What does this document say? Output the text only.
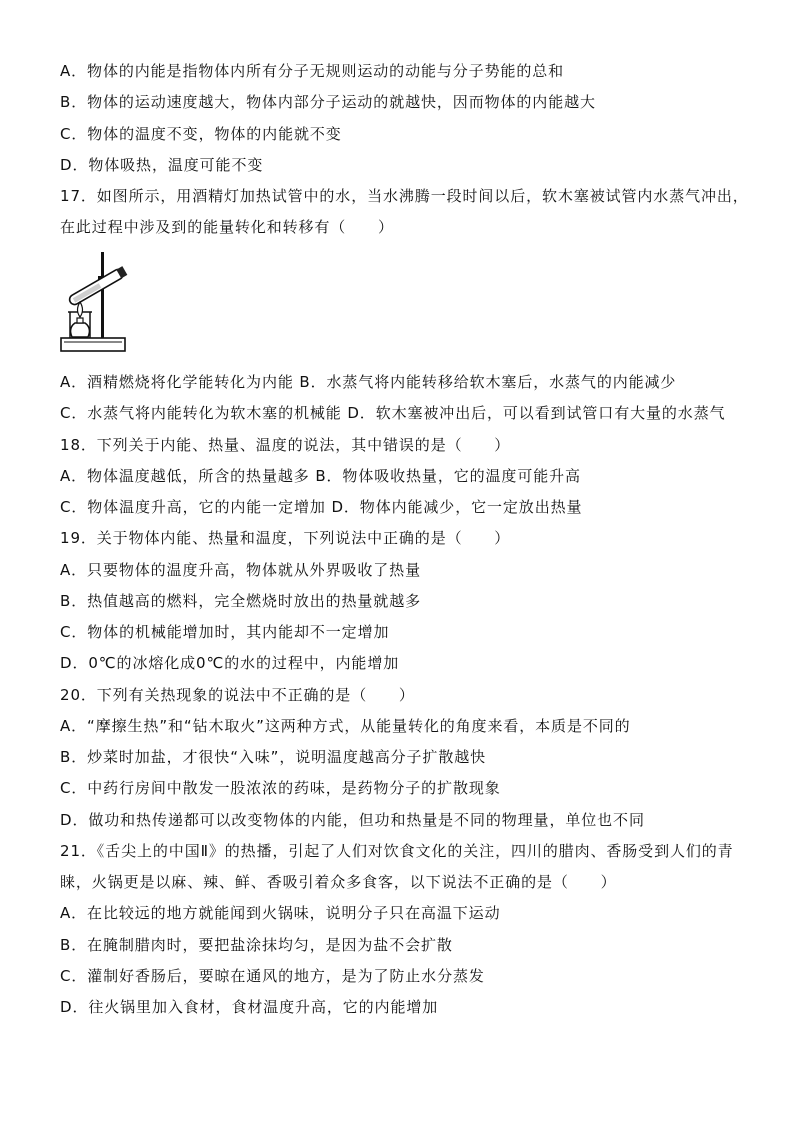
A．物体的内能是指物体内所有分子无规则运动的动能与分子势能的总和
B．物体的运动速度越大，物体内部分子运动的就越快，因而物体的内能越大
C．物体的温度不变，物体的内能就不变
D．物体吸热，温度可能不变
17．如图所示，用酒精灯加热试管中的水，当水沸腾一段时间以后，软木塞被试管内水蒸气冲出，
在此过程中涉及到的能量转化和转移有（　　）
A．酒精燃烧将化学能转化为内能 B．水蒸气将内能转移给软木塞后，水蒸气的内能减少
C．水蒸气将内能转化为软木塞的机械能 D．软木塞被冲出后，可以看到试管口有大量的水蒸气
18．下列关于内能、热量、温度的说法，其中错误的是（　　）
A．物体温度越低，所含的热量越多 B．物体吸收热量，它的温度可能升高
C．物体温度升高，它的内能一定增加 D．物体内能减少，它一定放出热量
19．关于物体内能、热量和温度，下列说法中正确的是（　　）
A．只要物体的温度升高，物体就从外界吸收了热量
B．热值越高的燃料，完全燃烧时放出的热量就越多
C．物体的机械能增加时，其内能却不一定增加
D．0℃的冰熔化成0℃的水的过程中，内能增加
20．下列有关热现象的说法中不正确的是（　　）
A．“摩擦生热”和“钻木取火”这两种方式，从能量转化的角度来看，本质是不同的
B．炒菜时加盐，才很快“入味”，说明温度越高分子扩散越快
C．中药行房间中散发一股浓浓的药味，是药物分子的扩散现象
D．做功和热传递都可以改变物体的内能，但功和热量是不同的物理量，单位也不同
21．《舌尖上的中国Ⅱ》的热播，引起了人们对饮食文化的关注，四川的腊肉、香肠受到人们的青
睐，火锅更是以麻、辣、鲜、香吸引着众多食客，以下说法不正确的是（　　）
A．在比较远的地方就能闻到火锅味，说明分子只在高温下运动
B．在腌制腊肉时，要把盐涂抹均匀，是因为盐不会扩散
C．灌制好香肠后，要晾在通风的地方，是为了防止水分蒸发
D．往火锅里加入食材，食材温度升高，它的内能增加
